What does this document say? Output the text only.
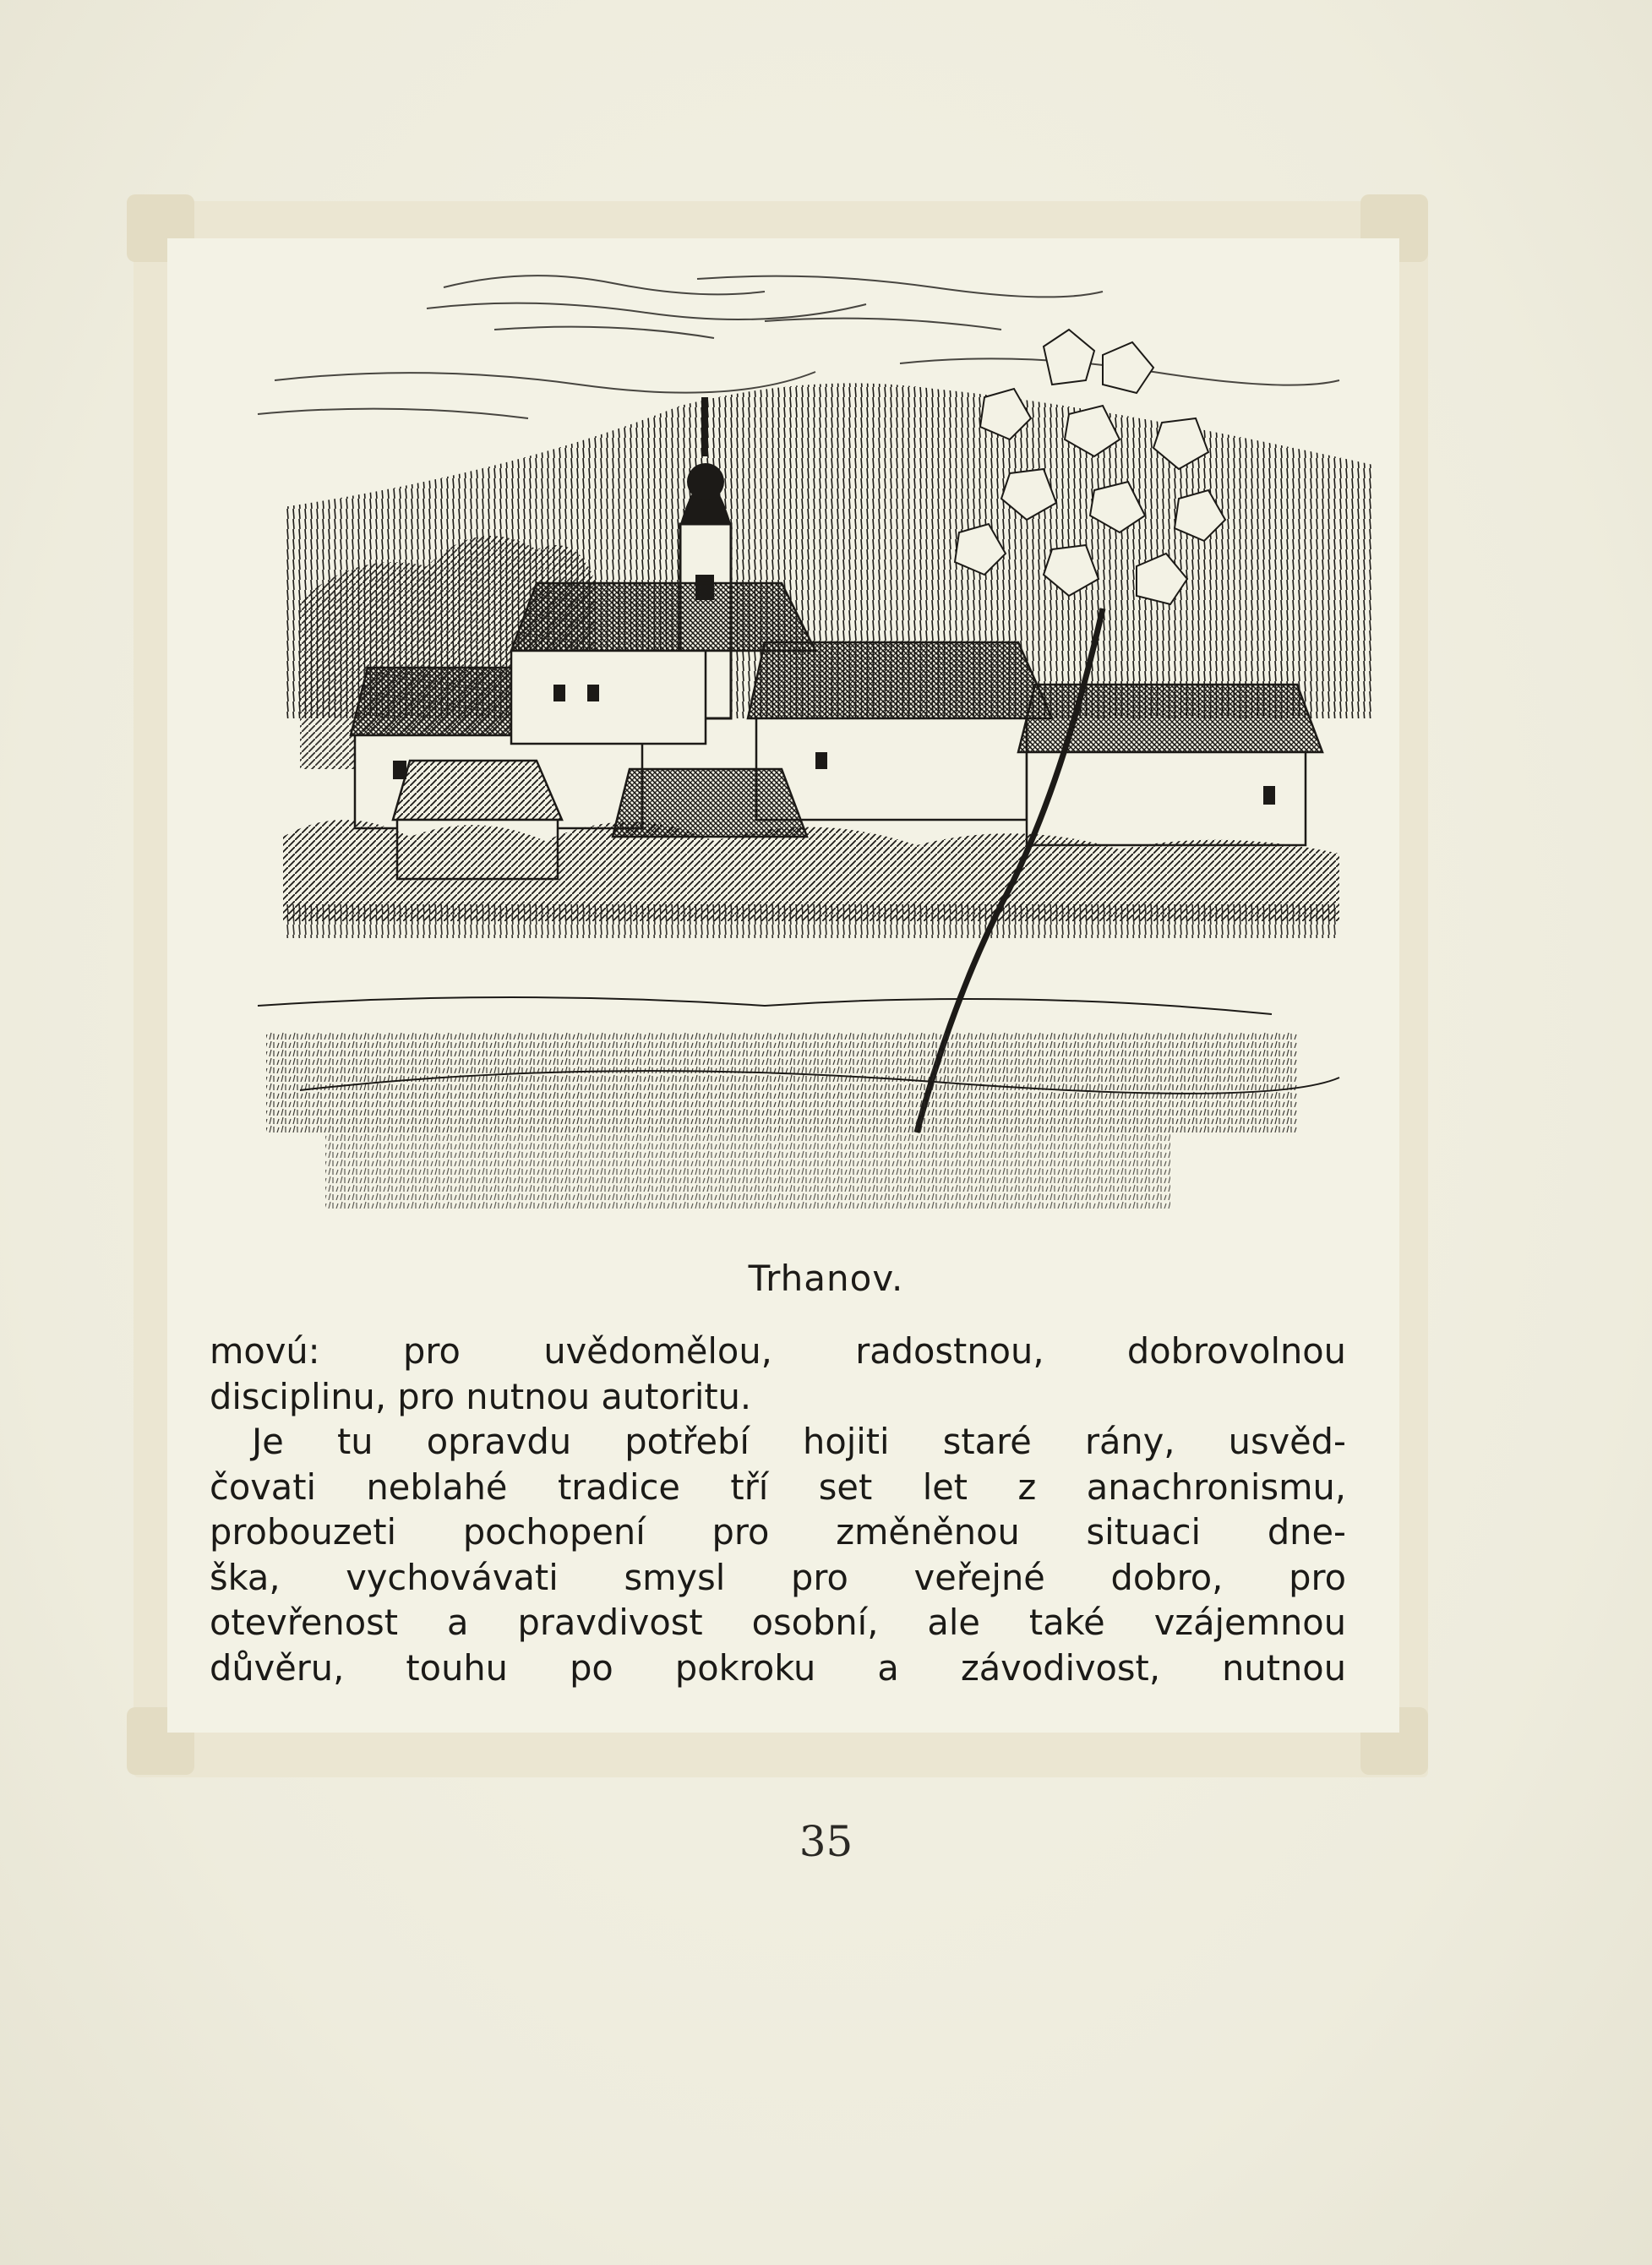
Trhanov.
movú: pro uvědomělou, radostnou, dobrovolnou
disciplinu, pro nutnou autoritu.
Je tu opravdu potřebí hojiti staré rány, usvěd-
čovati neblahé tradice tří set let z anachronismu,
probouzeti pochopení pro změněnou situaci dne-
ška, vychovávati smysl pro veřejné dobro, pro
otevřenost a pravdivost osobní, ale také vzájemnou
důvěru, touhu po pokroku a závodivost, nutnou
35
